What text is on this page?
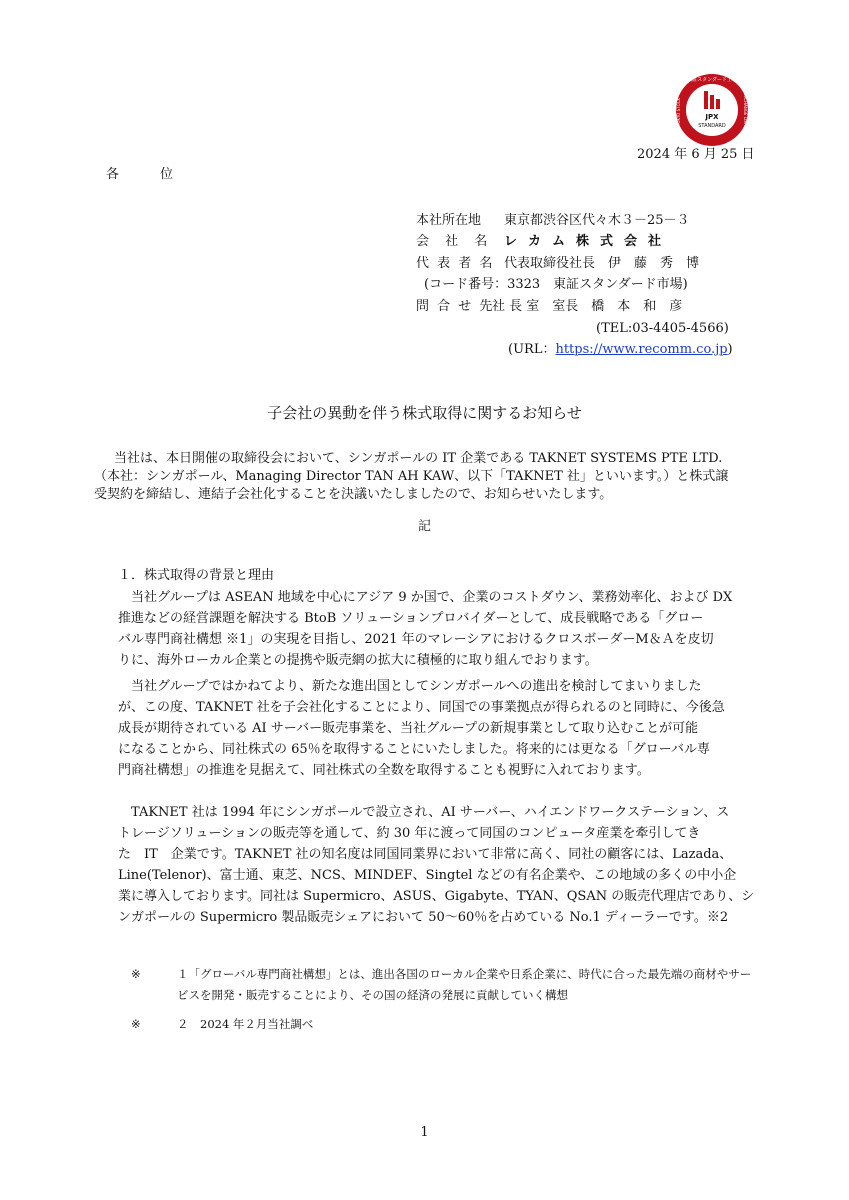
東証スタンダード上場
TOKYO STOCK	EXCHANGE LISTED
JPX
STANDARD
2024 年 6 月 25 日
各　位
本社所在地 東京都渋谷区代々木３－25－３
会 社 名 レカム株式会社
代 表 者 名 代表取締役社長　伊　藤　秀　博
(コード番号：3323　東証スタンダード市場)
問 合 せ 先社 長 室　室長　橋　本　和　彦
(TEL:03-4405-4566)
(URL：https://www.recomm.co.jp)
子会社の異動を伴う株式取得に関するお知らせ
当社は、本日開催の取締役会において、シンガポールの IT 企業である TAKNET SYSTEMS PTE LTD.
（本社：シンガポール、Managing Director TAN AH KAW、以下「TAKNET 社」といいます。）と株式譲
受契約を締結し、連結子会社化することを決議いたしましたので、お知らせいたします。
記
１．株式取得の背景と理由
当社グループは ASEAN 地域を中心にアジア 9 か国で、企業のコストダウン、業務効率化、および DX
推進などの経営課題を解決する BtoB ソリューションプロバイダーとして、成長戦略である「グロー
バル専門商社構想 ※1」の実現を目指し、2021 年のマレーシアにおけるクロスボーダーM＆Ａを皮切
りに、海外ローカル企業との提携や販売網の拡大に積極的に取り組んでおります。
当社グループではかねてより、新たな進出国としてシンガポールへの進出を検討してまいりました
が、この度、TAKNET 社を子会社化することにより、同国での事業拠点が得られるのと同時に、今後急
成長が期待されている AI サーバー販売事業を、当社グループの新規事業として取り込むことが可能
になることから、同社株式の 65％を取得することにいたしました。将来的には更なる「グローバル専
門商社構想」の推進を見据えて、同社株式の全数を取得することも視野に入れております。
TAKNET 社は 1994 年にシンガポールで設立され、AI サーバー、ハイエンドワークステーション、ス
トレージソリューションの販売等を通して、約 30 年に渡って同国のコンピュータ産業を牽引してき
た　IT　企業です。TAKNET 社の知名度は同国同業界において非常に高く、同社の顧客には、Lazada、
Line(Telenor)、富士通、東芝、NCS、MINDEF、Singtel などの有名企業や、この地域の多くの中小企
業に導入しております。同社は Supermicro、ASUS、Gigabyte、TYAN、QSAN の販売代理店であり、シ
ンガポールの Supermicro 製品販売シェアにおいて 50～60％を占めている No.1 ディーラーです。※2
※	１「グローバル専門商社構想」とは、進出各国のローカル企業や日系企業に、時代に合った最先端の商材やサー
ビスを開発・販売することにより、その国の経済の発展に貢献していく構想
※	２　2024 年２月当社調べ
1
